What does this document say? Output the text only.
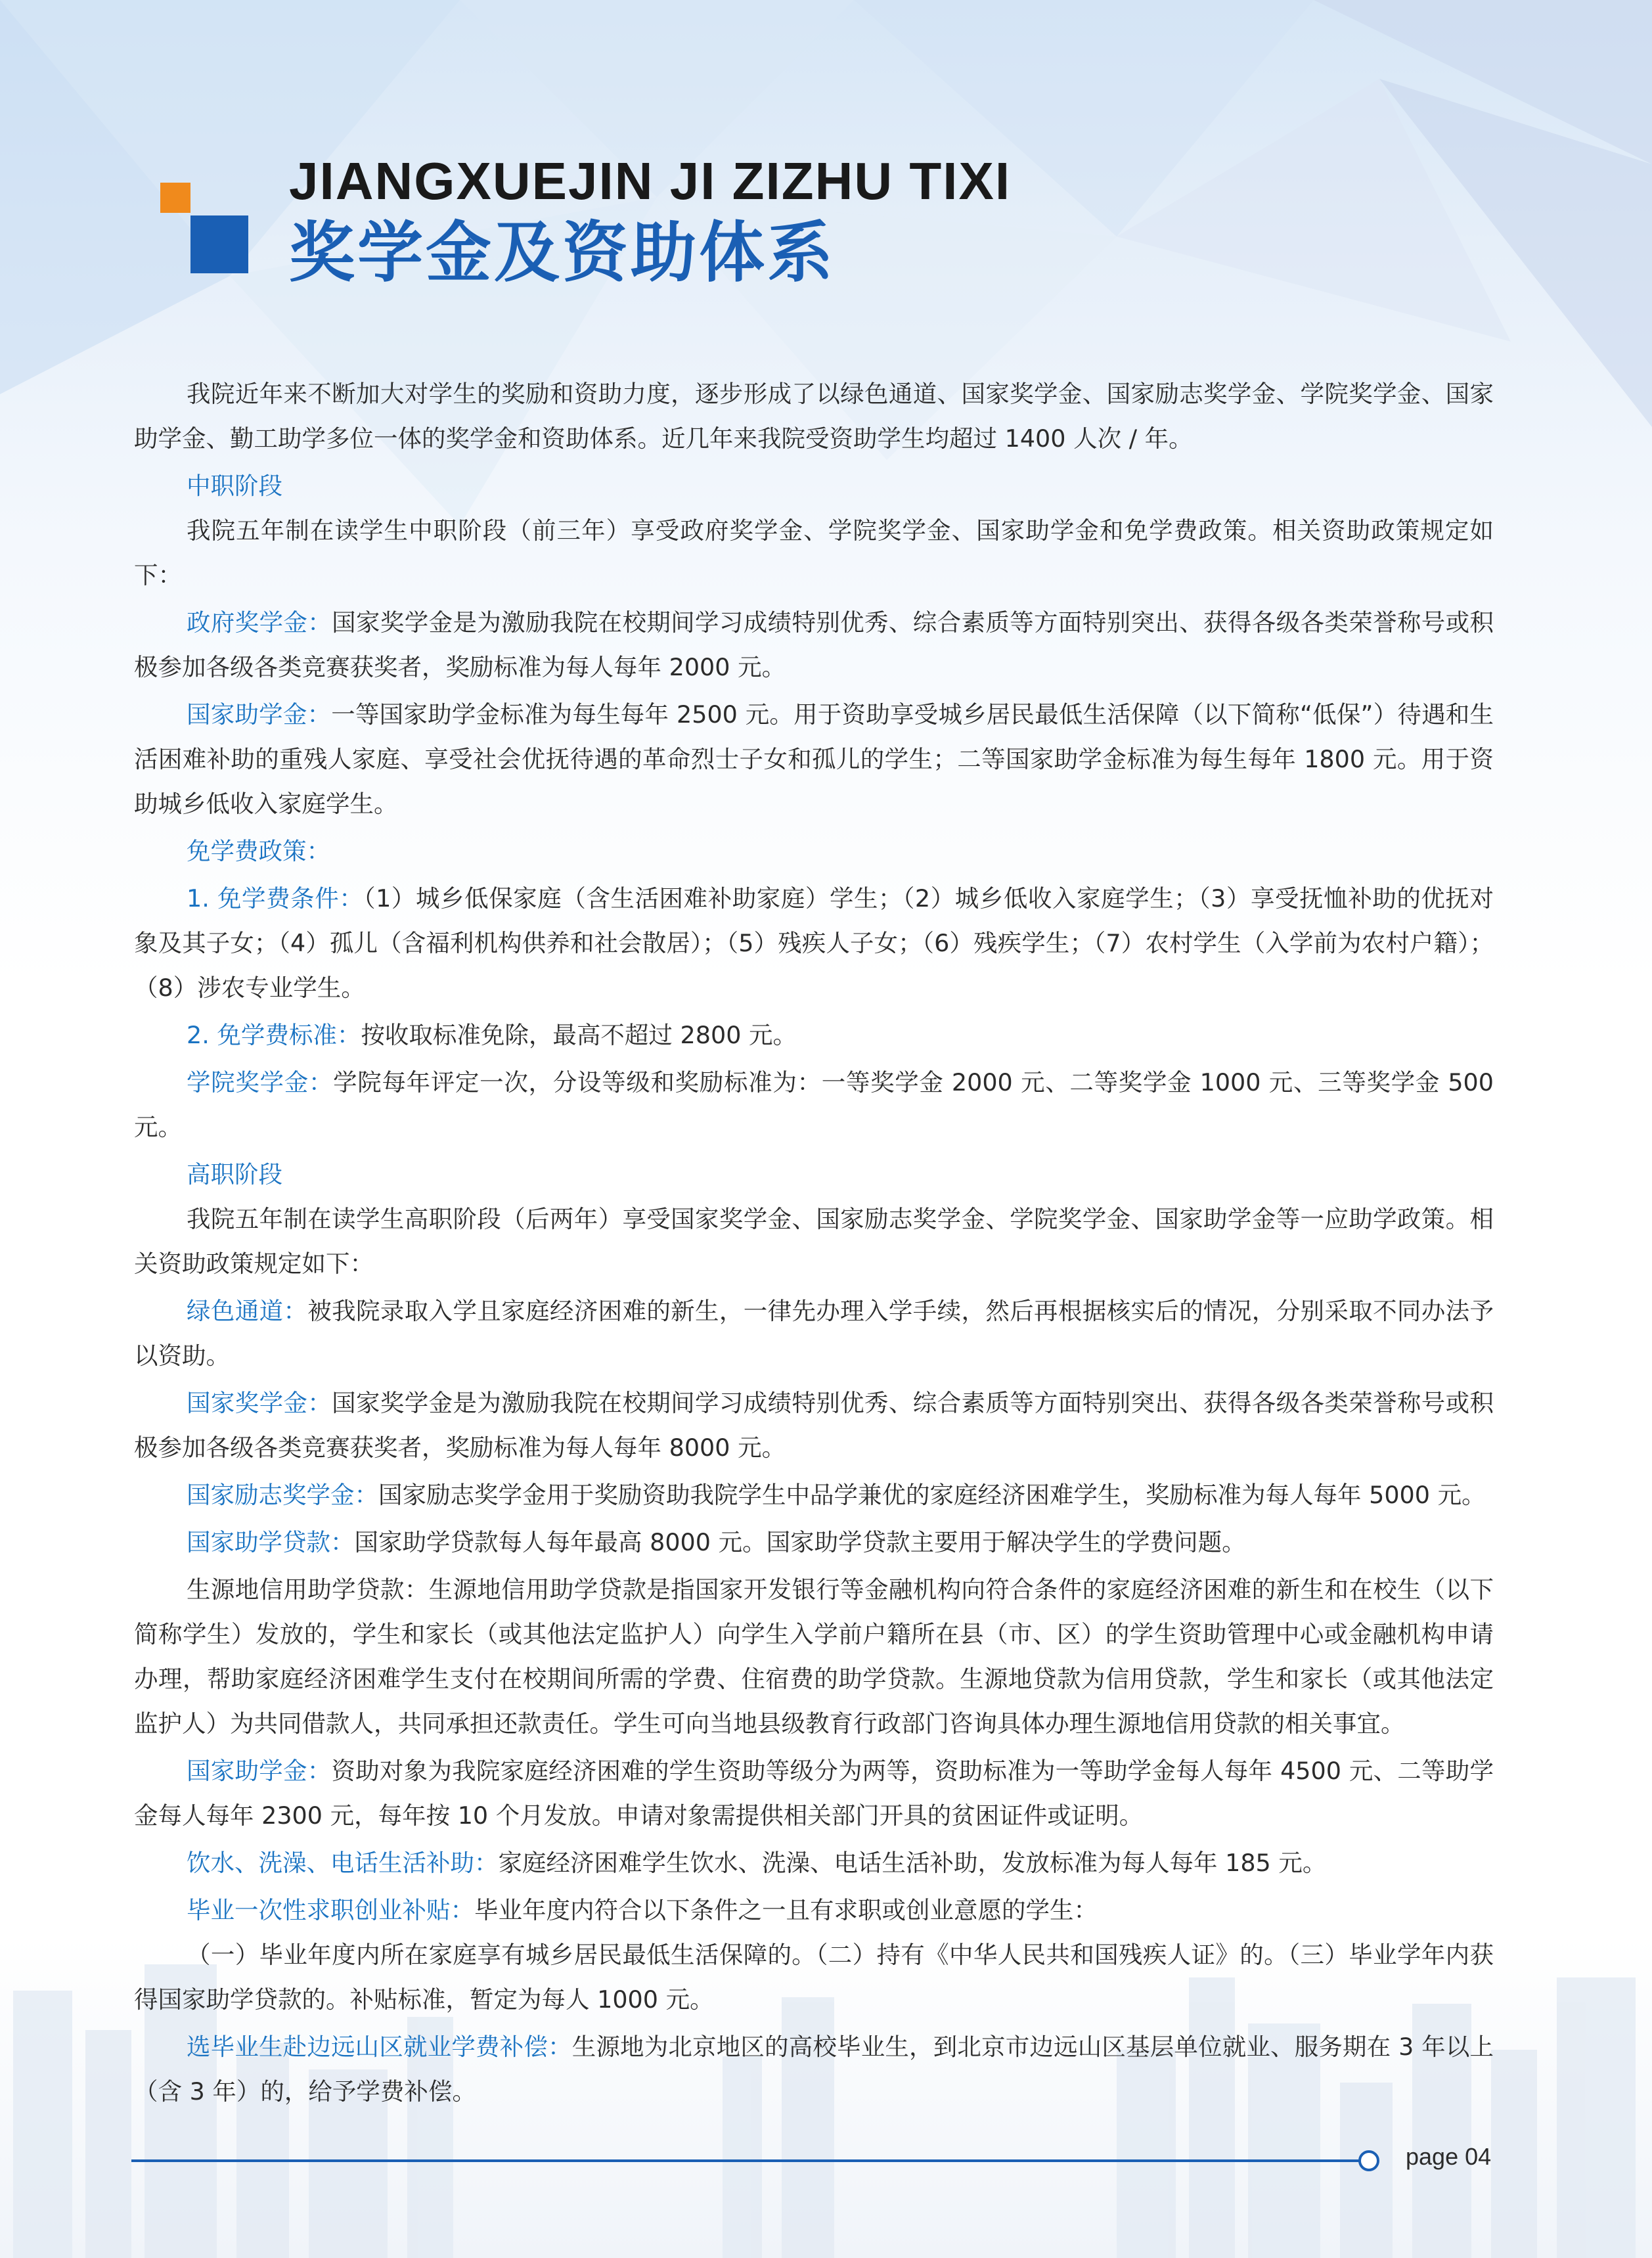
JIANGXUEJIN JI ZIZHU TIXI
奖学金及资助体系

我院近年来不断加大对学生的奖励和资助力度，逐步形成了以绿色通道、国家奖学金、国家励志奖学金、学院奖学金、国家助学金、勤工助学多位一体的奖学金和资助体系。近几年来我院受资助学生均超过 1400 人次 / 年。

中职阶段

我院五年制在读学生中职阶段（前三年）享受政府奖学金、学院奖学金、国家助学金和免学费政策。相关资助政策规定如下：

政府奖学金：国家奖学金是为激励我院在校期间学习成绩特别优秀、综合素质等方面特别突出、获得各级各类荣誉称号或积极参加各级各类竞赛获奖者，奖励标准为每人每年 2000 元。

国家助学金：一等国家助学金标准为每生每年 2500 元。用于资助享受城乡居民最低生活保障（以下简称“低保”）待遇和生活困难补助的重残人家庭、享受社会优抚待遇的革命烈士子女和孤儿的学生；二等国家助学金标准为每生每年 1800 元。用于资助城乡低收入家庭学生。

免学费政策：

1. 免学费条件：（1）城乡低保家庭（含生活困难补助家庭）学生；（2）城乡低收入家庭学生；（3）享受抚恤补助的优抚对象及其子女；（4）孤儿（含福利机构供养和社会散居）；（5）残疾人子女；（6）残疾学生；（7）农村学生（入学前为农村户籍）；（8）涉农专业学生。

2. 免学费标准：按收取标准免除，最高不超过 2800 元。

学院奖学金：学院每年评定一次，分设等级和奖励标准为：一等奖学金 2000 元、二等奖学金 1000 元、三等奖学金 500 元。

高职阶段

我院五年制在读学生高职阶段（后两年）享受国家奖学金、国家励志奖学金、学院奖学金、国家助学金等一应助学政策。相关资助政策规定如下：

绿色通道：被我院录取入学且家庭经济困难的新生，一律先办理入学手续，然后再根据核实后的情况，分别采取不同办法予以资助。

国家奖学金：国家奖学金是为激励我院在校期间学习成绩特别优秀、综合素质等方面特别突出、获得各级各类荣誉称号或积极参加各级各类竞赛获奖者，奖励标准为每人每年 8000 元。

国家励志奖学金：国家励志奖学金用于奖励资助我院学生中品学兼优的家庭经济困难学生，奖励标准为每人每年 5000 元。

国家助学贷款：国家助学贷款每人每年最高 8000 元。国家助学贷款主要用于解决学生的学费问题。

生源地信用助学贷款：生源地信用助学贷款是指国家开发银行等金融机构向符合条件的家庭经济困难的新生和在校生（以下简称学生）发放的，学生和家长（或其他法定监护人）向学生入学前户籍所在县（市、区）的学生资助管理中心或金融机构申请办理，帮助家庭经济困难学生支付在校期间所需的学费、住宿费的助学贷款。生源地贷款为信用贷款，学生和家长（或其他法定监护人）为共同借款人，共同承担还款责任。学生可向当地县级教育行政部门咨询具体办理生源地信用贷款的相关事宜。

国家助学金：资助对象为我院家庭经济困难的学生资助等级分为两等，资助标准为一等助学金每人每年 4500 元、二等助学金每人每年 2300 元，每年按 10 个月发放。申请对象需提供相关部门开具的贫困证件或证明。

饮水、洗澡、电话生活补助：家庭经济困难学生饮水、洗澡、电话生活补助，发放标准为每人每年 185 元。

毕业一次性求职创业补贴：毕业年度内符合以下条件之一且有求职或创业意愿的学生：

（一）毕业年度内所在家庭享有城乡居民最低生活保障的。（二）持有《中华人民共和国残疾人证》的。（三）毕业学年内获得国家助学贷款的。补贴标准，暂定为每人 1000 元。

选毕业生赴边远山区就业学费补偿：生源地为北京地区的高校毕业生，到北京市边远山区基层单位就业、服务期在 3 年以上（含 3 年）的，给予学费补偿。

page 04
